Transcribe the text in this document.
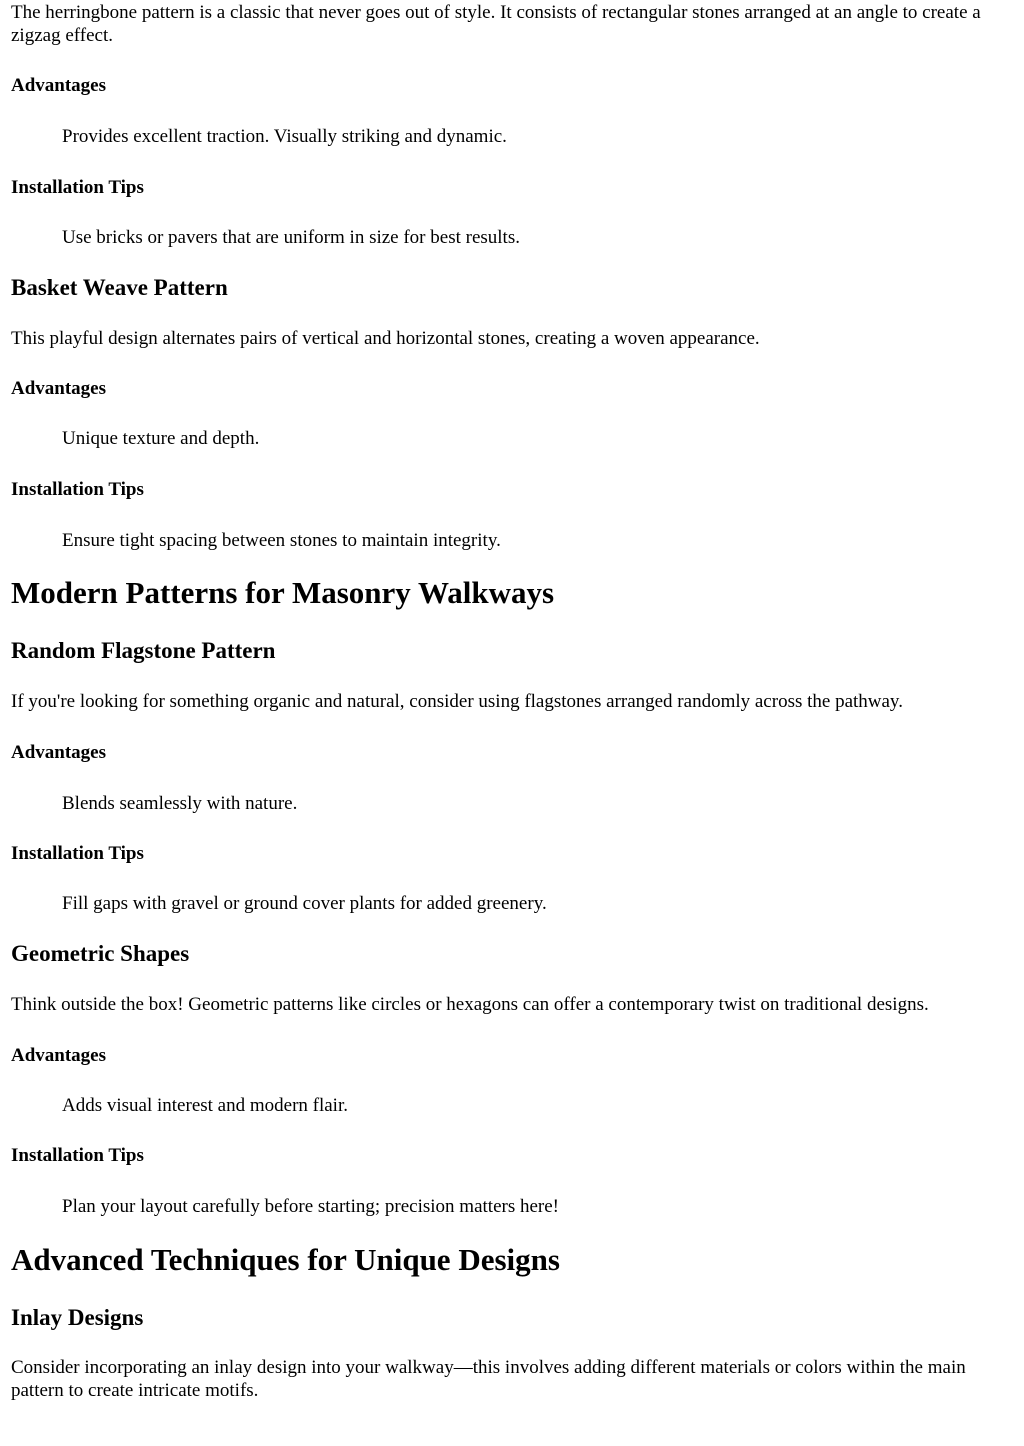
The herringbone pattern is a classic that never goes out of style. It consists of rectangular stones arranged at an angle to create a zigzag effect.

Advantages
Provides excellent traction. Visually striking and dynamic.
Installation Tips
Use bricks or pavers that are uniform in size for best results.
Basket Weave Pattern

This playful design alternates pairs of vertical and horizontal stones, creating a woven appearance.

Advantages
Unique texture and depth.
Installation Tips
Ensure tight spacing between stones to maintain integrity.
Modern Patterns for Masonry Walkways
Random Flagstone Pattern

If you're looking for something organic and natural, consider using flagstones arranged randomly across the pathway.

Advantages
Blends seamlessly with nature.
Installation Tips
Fill gaps with gravel or ground cover plants for added greenery.
Geometric Shapes

Think outside the box! Geometric patterns like circles or hexagons can offer a contemporary twist on traditional designs.

Advantages
Adds visual interest and modern flair.
Installation Tips
Plan your layout carefully before starting; precision matters here!
Advanced Techniques for Unique Designs
Inlay Designs

Consider incorporating an inlay design into your walkway—this involves adding different materials or colors within the main pattern to create intricate motifs.
